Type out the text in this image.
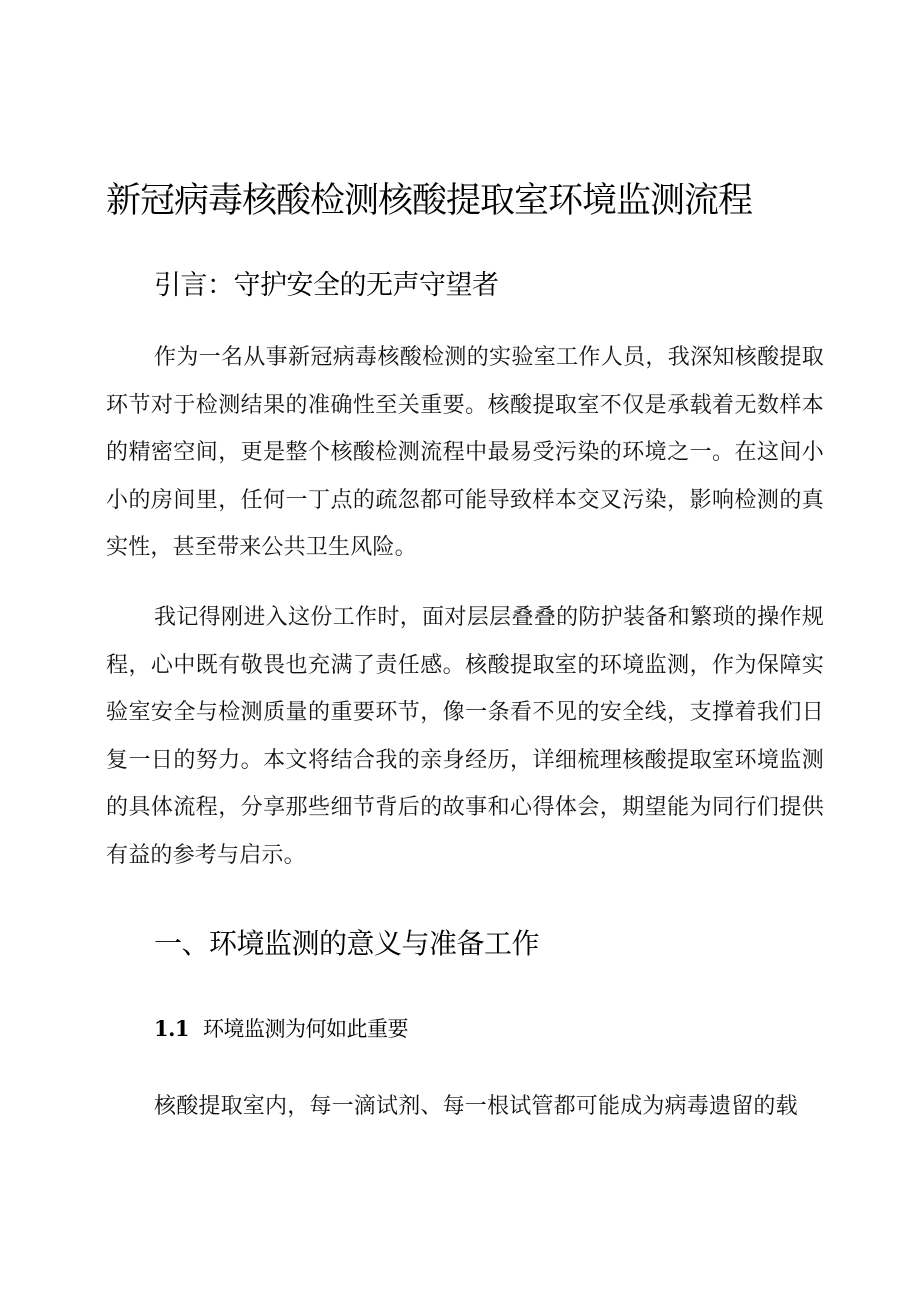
新冠病毒核酸检测核酸提取室环境监测流程
引言：守护安全的无声守望者

作为一名从事新冠病毒核酸检测的实验室工作人员，我深知核酸提取环节对于检测结果的准确性至关重要。核酸提取室不仅是承载着无数样本的精密空间，更是整个核酸检测流程中最易受污染的环境之一。在这间小小的房间里，任何一丁点的疏忽都可能导致样本交叉污染，影响检测的真实性，甚至带来公共卫生风险。

我记得刚进入这份工作时，面对层层叠叠的防护装备和繁琐的操作规程，心中既有敬畏也充满了责任感。核酸提取室的环境监测，作为保障实验室安全与检测质量的重要环节，像一条看不见的安全线，支撑着我们日复一日的努力。本文将结合我的亲身经历，详细梳理核酸提取室环境监测的具体流程，分享那些细节背后的故事和心得体会，期望能为同行们提供有益的参考与启示。

一、环境监测的意义与准备工作
1.1 环境监测为何如此重要

核酸提取室内，每一滴试剂、每一根试管都可能成为病毒遗留的载
